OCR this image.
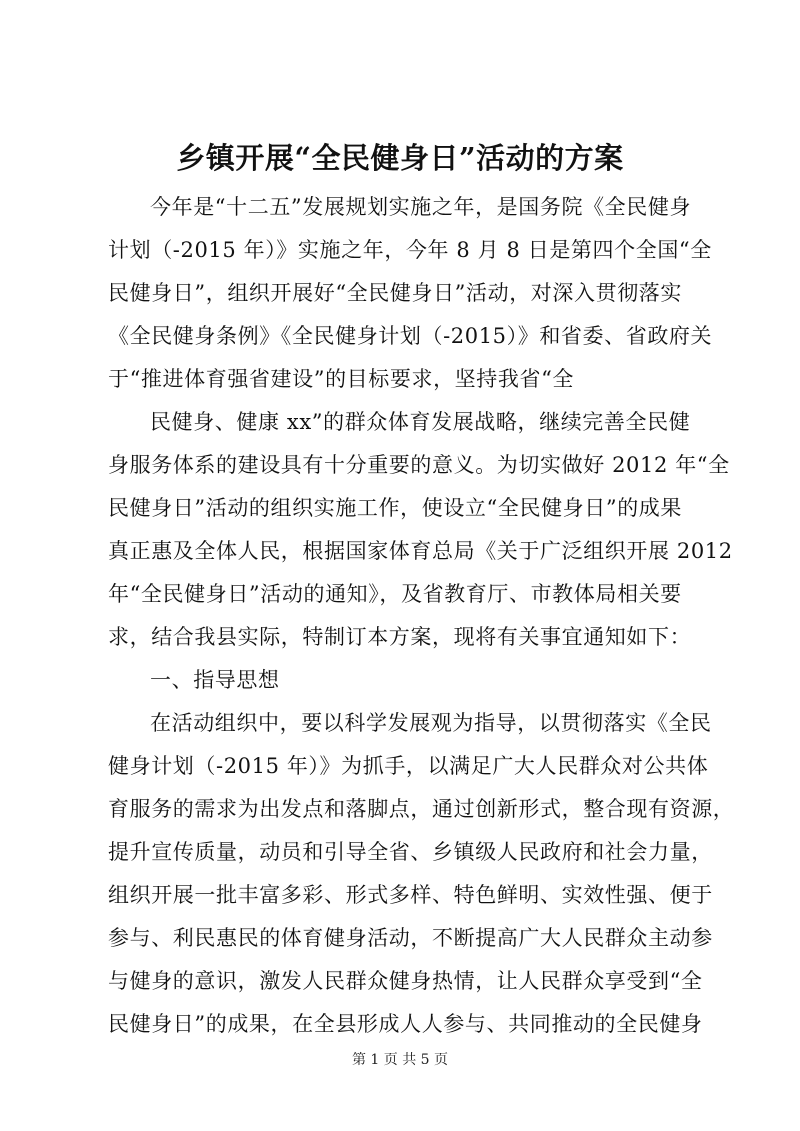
乡镇开展“全民健身日”活动的方案
今年是“十二五”发展规划实施之年，是国务院《全民健身
计划（-2015 年）》实施之年，今年 8 月 8 日是第四个全国“全
民健身日”，组织开展好“全民健身日”活动，对深入贯彻落实
《全民健身条例》《全民健身计划（-2015）》和省委、省政府关
于“推进体育强省建设”的目标要求，坚持我省“全
民健身、健康 xx”的群众体育发展战略，继续完善全民健
身服务体系的建设具有十分重要的意义。为切实做好 2012 年“全
民健身日”活动的组织实施工作，使设立“全民健身日”的成果
真正惠及全体人民，根据国家体育总局《关于广泛组织开展 2012
年“全民健身日”活动的通知》，及省教育厅、市教体局相关要
求，结合我县实际，特制订本方案，现将有关事宜通知如下：
一、指导思想
在活动组织中，要以科学发展观为指导，以贯彻落实《全民
健身计划（-2015 年）》为抓手，以满足广大人民群众对公共体
育服务的需求为出发点和落脚点，通过创新形式，整合现有资源，
提升宣传质量，动员和引导全省、乡镇级人民政府和社会力量，
组织开展一批丰富多彩、形式多样、特色鲜明、实效性强、便于
参与、利民惠民的体育健身活动，不断提高广大人民群众主动参
与健身的意识，激发人民群众健身热情，让人民群众享受到“全
民健身日”的成果，在全县形成人人参与、共同推动的全民健身
第 1 页 共 5 页
